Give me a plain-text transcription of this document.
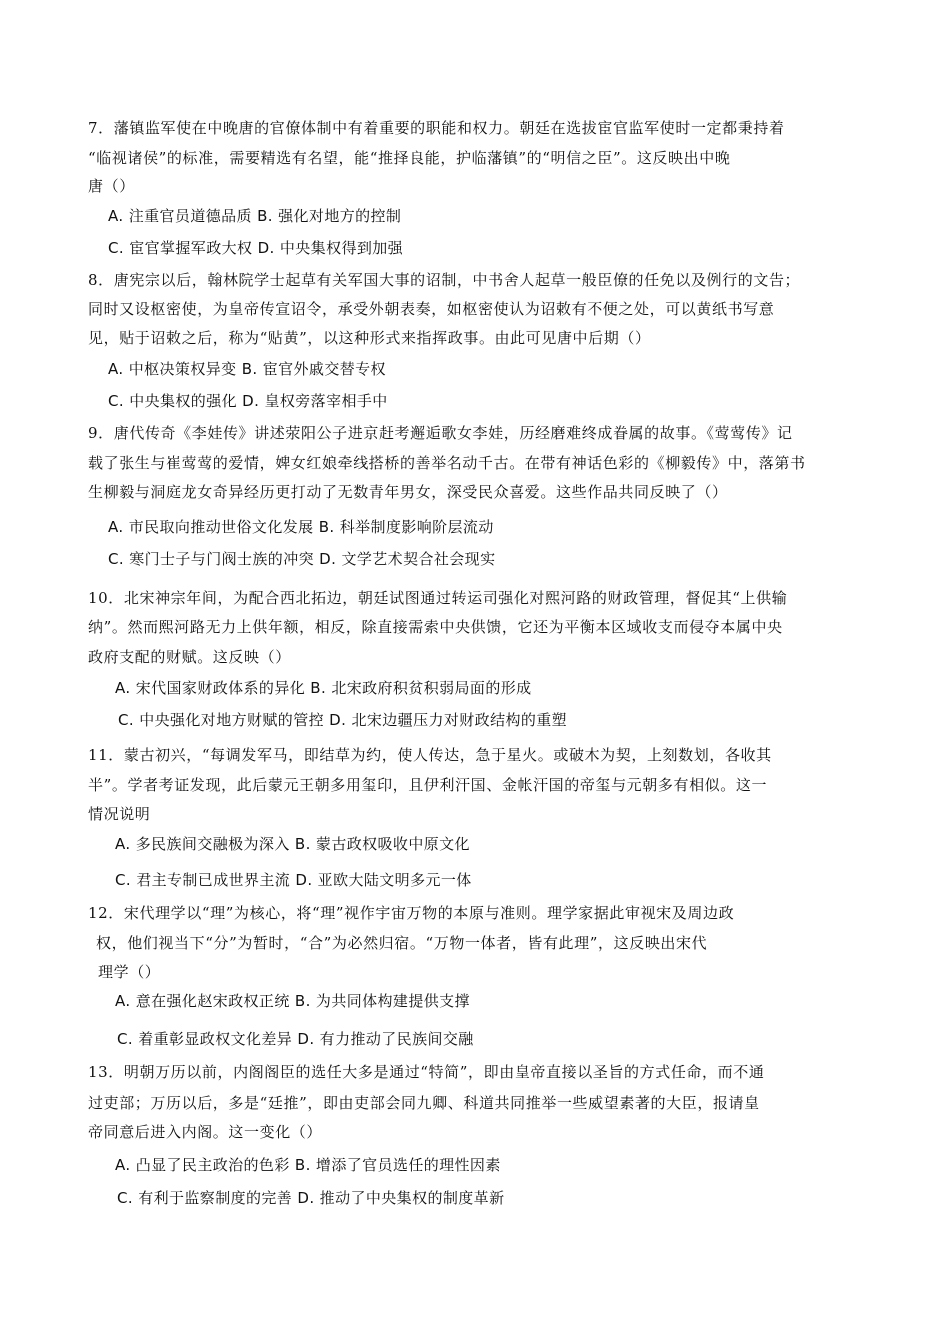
7．藩镇监军使在中晚唐的官僚体制中有着重要的职能和权力。朝廷在选拔宦官监军使时一定都秉持着
“临视诸侯”的标准，需要精选有名望，能“推择良能，护临藩镇”的“明信之臣”。这反映出中晚
唐（）
A. 注重官员道德品质 B. 强化对地方的控制
C. 宦官掌握军政大权 D. 中央集权得到加强
8．唐宪宗以后，翰林院学士起草有关军国大事的诏制，中书舍人起草一般臣僚的任免以及例行的文告；
同时又设枢密使，为皇帝传宣诏令，承受外朝表奏，如枢密使认为诏敕有不便之处，可以黄纸书写意
见，贴于诏敕之后，称为“贴黄”，以这种形式来指挥政事。由此可见唐中后期（）
A. 中枢决策权异变 B. 宦官外戚交替专权
C. 中央集权的强化 D. 皇权旁落宰相手中
9．唐代传奇《李娃传》讲述荥阳公子进京赶考邂逅歌女李娃，历经磨难终成眷属的故事。《莺莺传》记
载了张生与崔莺莺的爱情，婢女红娘牵线搭桥的善举名动千古。在带有神话色彩的《柳毅传》中，落第书
生柳毅与洞庭龙女奇异经历更打动了无数青年男女，深受民众喜爱。这些作品共同反映了（）
A. 市民取向推动世俗文化发展 B. 科举制度影响阶层流动
C. 寒门士子与门阀士族的冲突 D. 文学艺术契合社会现实
10．北宋神宗年间，为配合西北拓边，朝廷试图通过转运司强化对熙河路的财政管理，督促其“上供输
纳”。然而熙河路无力上供年额，相反，除直接需索中央供馈，它还为平衡本区域收支而侵夺本属中央
政府支配的财赋。这反映（）
A. 宋代国家财政体系的异化 B. 北宋政府积贫积弱局面的形成
C. 中央强化对地方财赋的管控 D. 北宋边疆压力对财政结构的重塑
11．蒙古初兴，“每调发军马，即结草为约，使人传达，急于星火。或破木为契，上刻数划，各收其
半”。学者考证发现，此后蒙元王朝多用玺印，且伊利汗国、金帐汗国的帝玺与元朝多有相似。这一
情况说明
A. 多民族间交融极为深入 B. 蒙古政权吸收中原文化
C. 君主专制已成世界主流 D. 亚欧大陆文明多元一体
12．宋代理学以“理”为核心，将“理”视作宇宙万物的本原与准则。理学家据此审视宋及周边政
权，他们视当下“分”为暂时，“合”为必然归宿。“万物一体者，皆有此理”，这反映出宋代
理学（）
A. 意在强化赵宋政权正统 B. 为共同体构建提供支撑
C. 着重彰显政权文化差异 D. 有力推动了民族间交融
13．明朝万历以前，内阁阁臣的选任大多是通过“特简”，即由皇帝直接以圣旨的方式任命，而不通
过吏部；万历以后，多是“廷推”，即由吏部会同九卿、科道共同推举一些威望素著的大臣，报请皇
帝同意后进入内阁。这一变化（）
A. 凸显了民主政治的色彩 B. 增添了官员选任的理性因素
C. 有利于监察制度的完善 D. 推动了中央集权的制度革新
